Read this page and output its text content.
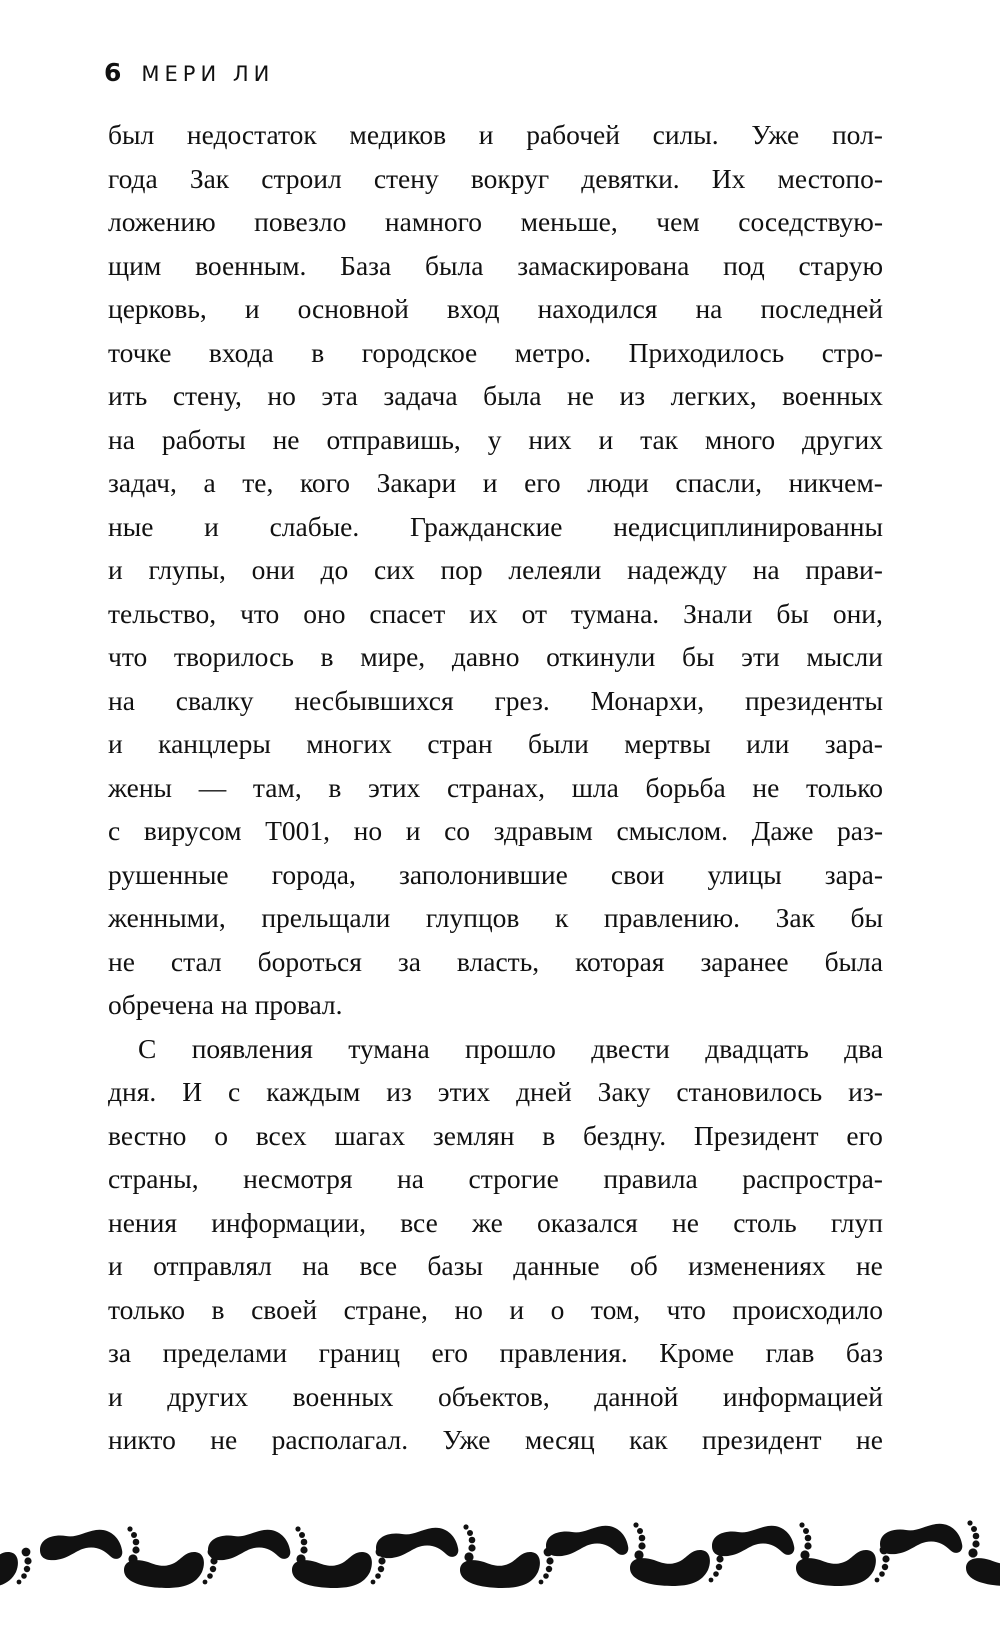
6 МЕРИ ЛИ
был недостаток медиков и рабочей силы. Уже пол-
года Зак строил стену вокруг девятки. Их местопо-
ложению повезло намного меньше, чем соседствую-
щим военным. База была замаскирована под старую
церковь, и основной вход находился на последней
точке входа в городское метро. Приходилось стро-
ить стену, но эта задача была не из легких, военных
на работы не отправишь, у них и так много других
задач, а те, кого Закари и его люди спасли, никчем-
ные и слабые. Гражданские недисциплинированны
и глупы, они до сих пор лелеяли надежду на прави-
тельство, что оно спасет их от тумана. Знали бы они,
что творилось в мире, давно откинули бы эти мысли
на свалку несбывшихся грез. Монархи, президенты
и канцлеры многих стран были мертвы или зара-
жены — там, в этих странах, шла борьба не только
с вирусом Т001, но и со здравым смыслом. Даже раз-
рушенные города, заполонившие свои улицы зара-
женными, прельщали глупцов к правлению. Зак бы
не стал бороться за власть, которая заранее была
обречена на провал.
С появления тумана прошло двести двадцать два
дня. И с каждым из этих дней Заку становилось из-
вестно о всех шагах землян в бездну. Президент его
страны, несмотря на строгие правила распростра-
нения информации, все же оказался не столь глуп
и отправлял на все базы данные об изменениях не
только в своей стране, но и о том, что происходило
за пределами границ его правления. Кроме глав баз
и других военных объектов, данной информацией
никто не располагал. Уже месяц как президент не
